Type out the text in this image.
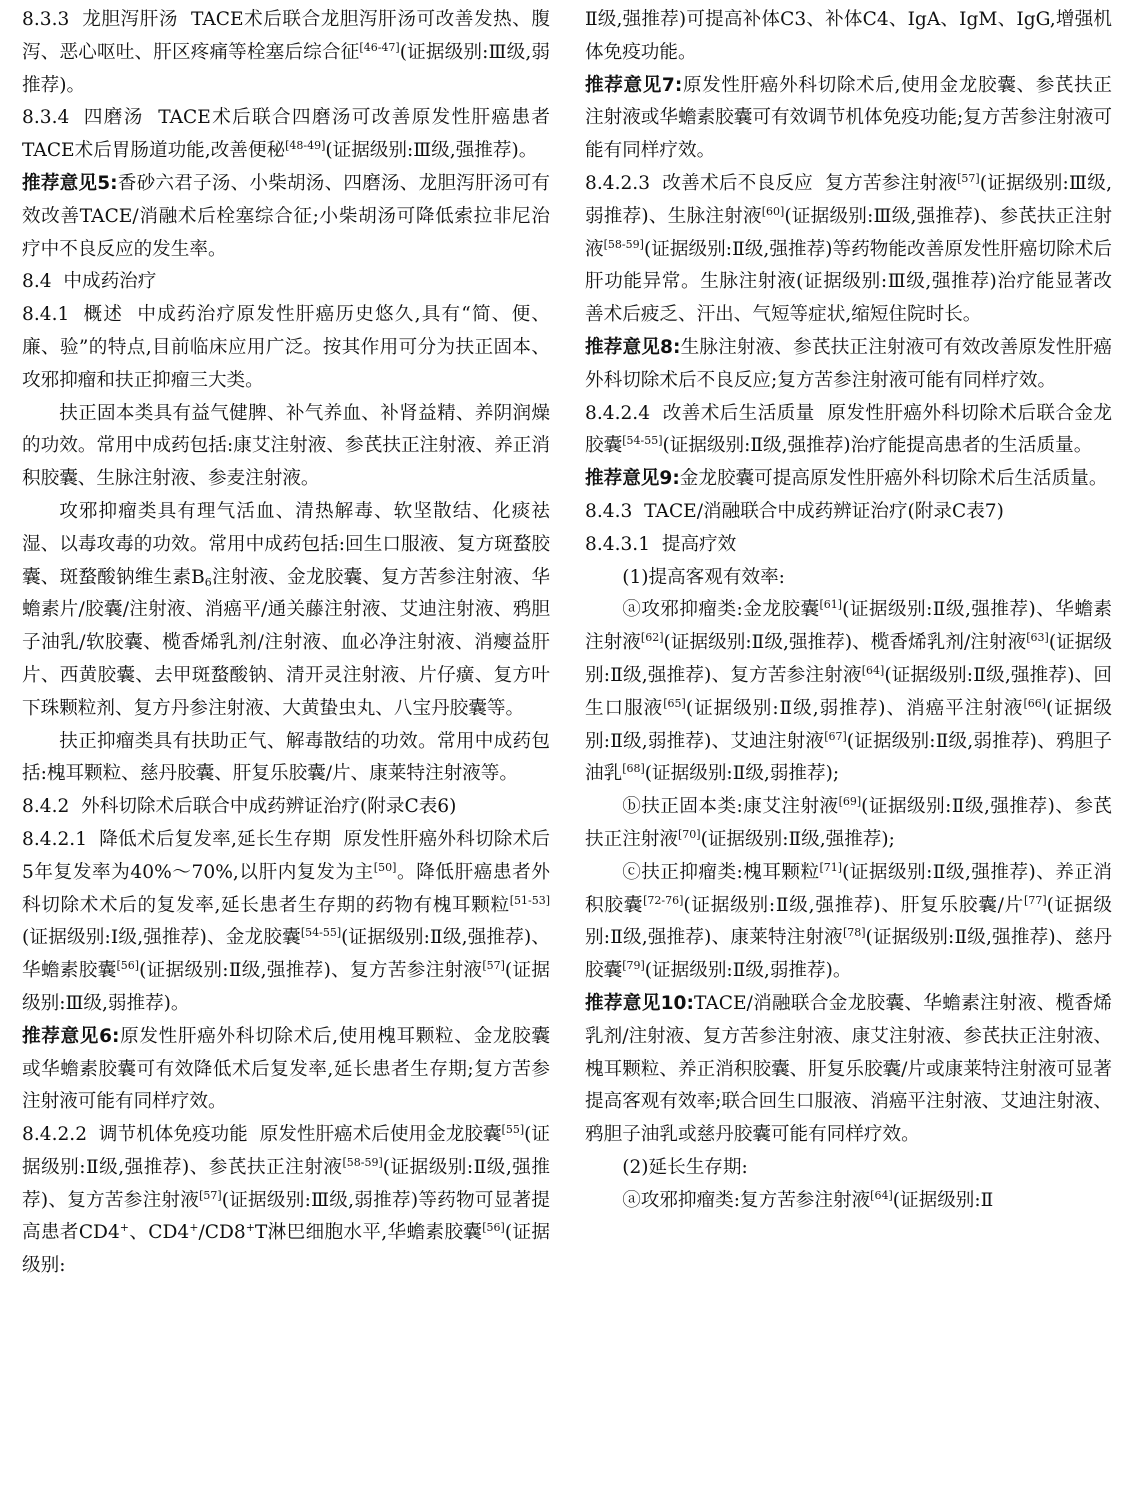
8.3.3  龙胆泻肝汤  TACE术后联合龙胆泻肝汤可改善发热、腹泻、恶心呕吐、肝区疼痛等栓塞后综合征[46-47](证据级别:Ⅲ级,弱推荐)。

8.3.4  四磨汤  TACE术后联合四磨汤可改善原发性肝癌患者TACE术后胃肠道功能,改善便秘[48-49](证据级别:Ⅲ级,强推荐)。

推荐意见5:香砂六君子汤、小柴胡汤、四磨汤、龙胆泻肝汤可有效改善TACE/消融术后栓塞综合征;小柴胡汤可降低索拉非尼治疗中不良反应的发生率。

8.4  中成药治疗

8.4.1  概述  中成药治疗原发性肝癌历史悠久,具有“简、便、廉、验”的特点,目前临床应用广泛。按其作用可分为扶正固本、攻邪抑瘤和扶正抑瘤三大类。

扶正固本类具有益气健脾、补气养血、补肾益精、养阴润燥的功效。常用中成药包括:康艾注射液、参芪扶正注射液、养正消积胶囊、生脉注射液、参麦注射液。

攻邪抑瘤类具有理气活血、清热解毒、软坚散结、化痰祛湿、以毒攻毒的功效。常用中成药包括:回生口服液、复方斑蝥胶囊、斑蝥酸钠维生素$B_6$注射液、金龙胶囊、复方苦参注射液、华蟾素片/胶囊/注射液、消癌平/通关藤注射液、艾迪注射液、鸦胆子油乳/软胶囊、榄香烯乳剂/注射液、血必净注射液、消瘿益肝片、西黄胶囊、去甲斑蝥酸钠、清开灵注射液、片仔癀、复方叶下珠颗粒剂、复方丹参注射液、大黄蛰虫丸、八宝丹胶囊等。

扶正抑瘤类具有扶助正气、解毒散结的功效。常用中成药包括:槐耳颗粒、慈丹胶囊、肝复乐胶囊/片、康莱特注射液等。

8.4.2  外科切除术后联合中成药辨证治疗(附录C表6)

8.4.2.1  降低术后复发率,延长生存期  原发性肝癌外科切除术后5年复发率为40%～70%,以肝内复发为主[50]。降低肝癌患者外科切除术术后的复发率,延长患者生存期的药物有槐耳颗粒[51-53](证据级别:Ⅰ级,强推荐)、金龙胶囊[54-55](证据级别:Ⅱ级,强推荐)、华蟾素胶囊[56](证据级别:Ⅱ级,强推荐)、复方苦参注射液[57](证据级别:Ⅲ级,弱推荐)。

推荐意见6:原发性肝癌外科切除术后,使用槐耳颗粒、金龙胶囊或华蟾素胶囊可有效降低术后复发率,延长患者生存期;复方苦参注射液可能有同样疗效。

8.4.2.2  调节机体免疫功能  原发性肝癌术后使用金龙胶囊[55](证据级别:Ⅱ级,强推荐)、参芪扶正注射液[58-59](证据级别:Ⅱ级,强推荐)、复方苦参注射液[57](证据级别:Ⅲ级,弱推荐)等药物可显著提高患者CD4+、CD4+/CD8+T淋巴细胞水平,华蟾素胶囊[56](证据级别:

Ⅱ级,强推荐)可提高补体C3、补体C4、IgA、IgM、IgG,增强机体免疫功能。

推荐意见7:原发性肝癌外科切除术后,使用金龙胶囊、参芪扶正注射液或华蟾素胶囊可有效调节机体免疫功能;复方苦参注射液可能有同样疗效。

8.4.2.3  改善术后不良反应  复方苦参注射液[57](证据级别:Ⅲ级,弱推荐)、生脉注射液[60](证据级别:Ⅲ级,强推荐)、参芪扶正注射液[58-59](证据级别:Ⅱ级,强推荐)等药物能改善原发性肝癌切除术后肝功能异常。生脉注射液(证据级别:Ⅲ级,强推荐)治疗能显著改善术后疲乏、汗出、气短等症状,缩短住院时长。

推荐意见8:生脉注射液、参芪扶正注射液可有效改善原发性肝癌外科切除术后不良反应;复方苦参注射液可能有同样疗效。

8.4.2.4  改善术后生活质量  原发性肝癌外科切除术后联合金龙胶囊[54-55](证据级别:Ⅱ级,强推荐)治疗能提高患者的生活质量。

推荐意见9:金龙胶囊可提高原发性肝癌外科切除术后生活质量。

8.4.3  TACE/消融联合中成药辨证治疗(附录C表7)

8.4.3.1  提高疗效

(1)提高客观有效率:

ⓐ攻邪抑瘤类:金龙胶囊[61](证据级别:Ⅱ级,强推荐)、华蟾素注射液[62](证据级别:Ⅱ级,强推荐)、榄香烯乳剂/注射液[63](证据级别:Ⅱ级,强推荐)、复方苦参注射液[64](证据级别:Ⅱ级,强推荐)、回生口服液[65](证据级别:Ⅱ级,弱推荐)、消癌平注射液[66](证据级别:Ⅱ级,弱推荐)、艾迪注射液[67](证据级别:Ⅱ级,弱推荐)、鸦胆子油乳[68](证据级别:Ⅱ级,弱推荐);

ⓑ扶正固本类:康艾注射液[69](证据级别:Ⅱ级,强推荐)、参芪扶正注射液[70](证据级别:Ⅱ级,强推荐);

ⓒ扶正抑瘤类:槐耳颗粒[71](证据级别:Ⅱ级,强推荐)、养正消积胶囊[72-76](证据级别:Ⅱ级,强推荐)、肝复乐胶囊/片[77](证据级别:Ⅱ级,强推荐)、康莱特注射液[78](证据级别:Ⅱ级,强推荐)、慈丹胶囊[79](证据级别:Ⅱ级,弱推荐)。

推荐意见10:TACE/消融联合金龙胶囊、华蟾素注射液、榄香烯乳剂/注射液、复方苦参注射液、康艾注射液、参芪扶正注射液、槐耳颗粒、养正消积胶囊、肝复乐胶囊/片或康莱特注射液可显著提高客观有效率;联合回生口服液、消癌平注射液、艾迪注射液、鸦胆子油乳或慈丹胶囊可能有同样疗效。

(2)延长生存期:

ⓐ攻邪抑瘤类:复方苦参注射液[64](证据级别:Ⅱ
